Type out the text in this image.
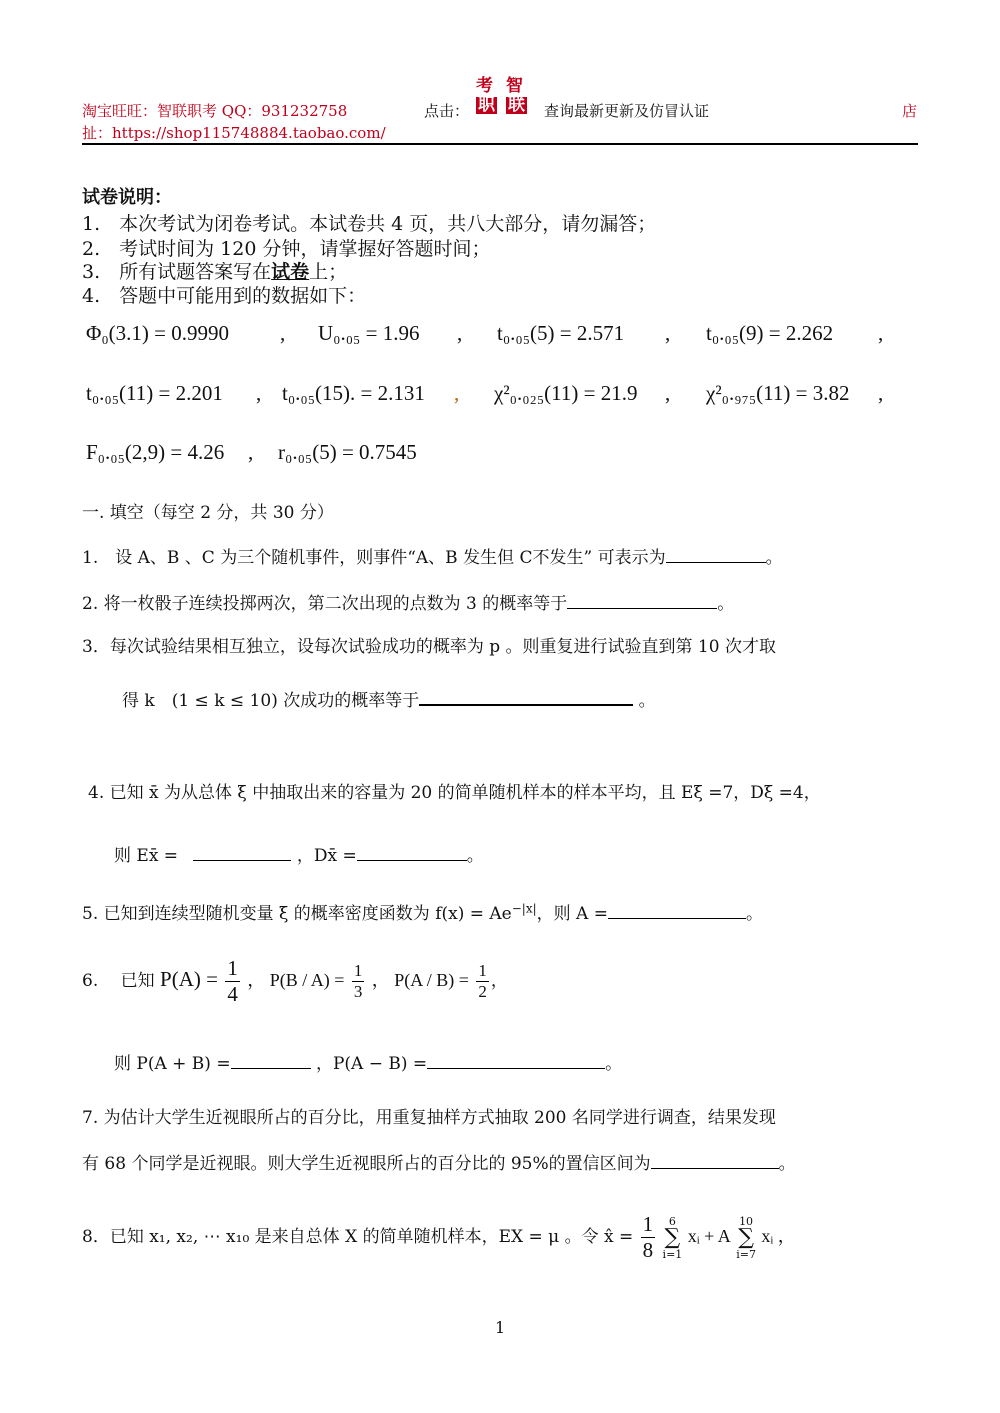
淘宝旺旺：智联职考 QQ：931232758
扯：https://shop115748884.taobao.com/
点击：
考 智
职 联 查询最新更新及仿冒认证	店
试卷说明：
1.　本次考试为闭卷考试。本试卷共 4 页，共八大部分，请勿漏答；
2.　考试时间为 120 分钟，请掌握好答题时间；
3.　所有试题答案写在试卷上；
4.　答题中可能用到的数据如下：
Φ₀(3.1) = 0.9990 , U₀.₀₅ = 1.96 , t₀.₀₅(5) = 2.571 , t₀.₀₅(9) = 2.262 ,
t₀.₀₅(11) = 2.201 , t₀.₀₅(15). = 2.131 , χ²₀.₀₂₅(11) = 21.9 , χ²₀.₉₇₅(11) = 3.82 ,
F₀.₀₅(2,9) = 4.26 , r₀.₀₅(5) = 0.7545
一. 填空（每空 2 分，共 30 分）
1.　设 A、B 、C 为三个随机事件，则事件“A、B 发生但 C不发生” 可表示为	。
2. 将一枚骰子连续投掷两次，第二次出现的点数为 3 的概率等于	。
3．每次试验结果相互独立，设每次试验成功的概率为 p 。则重复进行试验直到第 10 次才取
得 k　(1 ≤ k ≤ 10) 次成功的概率等于	。
4. 已知 x̄ 为从总体 ξ 中抽取出来的容量为 20 的简单随机样本的样本平均，且 Eξ =7，Dξ =4，
则 Ex̄ =	，Dx̄ =	。
5. 已知到连续型随机变量 ξ 的概率密度函数为 $f(x) = Ae^{-|x|}$，则 A =	。
6.　 已知 $P(A) = \frac{1}{4}$ ， $P(B / A) = \frac{1}{3}$ ， $P(A / B) = \frac{1}{2}$ ，
则 P(A + B) =	，P(A − B) =	。
7. 为估计大学生近视眼所占的百分比，用重复抽样方式抽取 200 名同学进行调查，结果发现
有 68 个同学是近视眼。则大学生近视眼所占的百分比的 95%的置信区间为	。
8．已知 x₁, x₂, ⋯ x₁₀ 是来自总体 X 的简单随机样本，EX = μ 。令 x̂ = $\frac{1}{8}$
	6
∑
i=1
xᵢ + A
10
∑
i=7
xᵢ ，
1
